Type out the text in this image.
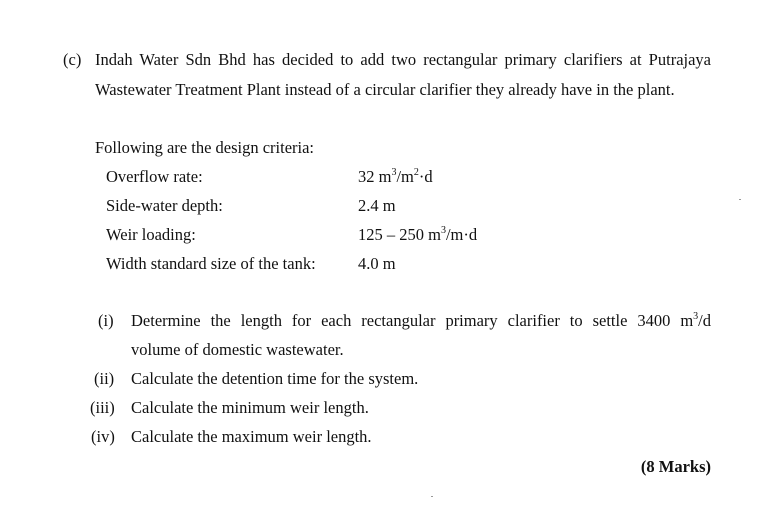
(c) Indah Water Sdn Bhd has decided to add two rectangular primary clarifiers at Putrajaya
Wastewater Treatment Plant instead of a circular clarifier they already have in the plant.
Following are the design criteria:
Overflow rate:	32 $m^3/m^2\cdot d$
Side-water depth:	2.4 m
Weir loading:	125 – 250 $m^3/m\cdot d$
Width standard size of the tank:	4.0 m
(i) Determine the length for each rectangular primary clarifier to settle 3400 $m^3/d$
volume of domestic wastewater.
(ii) Calculate the detention time for the system.
(iii) Calculate the minimum weir length.
(iv) Calculate the maximum weir length.
(8 Marks)
